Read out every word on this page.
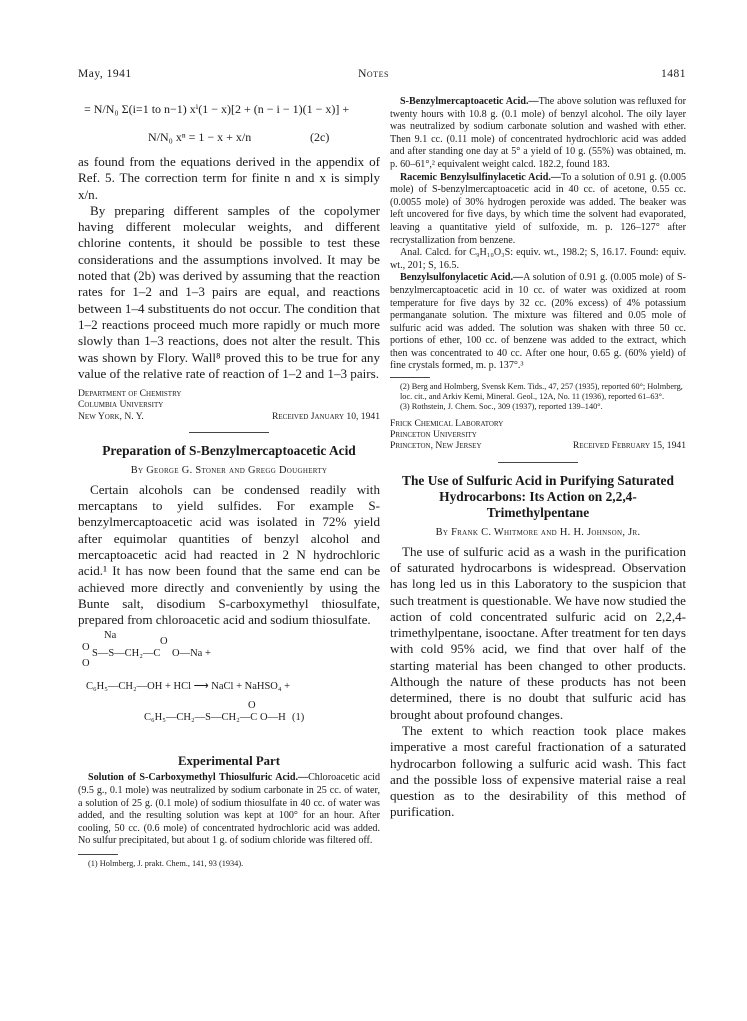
May, 1941	Notes	1481
= N/N₀ Σ(i=1 to n−1) xⁱ(1 − x)[2 + (n − i − 1)(1 − x)] +
N/N₀ xⁿ = 1 − x + x/n	(2c)

as found from the equations derived in the appendix of Ref. 5. The correction term for finite n and x is simply x/n.

By preparing different samples of the copolymer having different molecular weights, and different chlorine contents, it should be possible to test these considerations and the assumptions involved. It may be noted that (2b) was derived by assuming that the reaction rates for 1–2 and 1–3 pairs are equal, and reactions between 1–4 substituents do not occur. The condition that 1–2 reactions proceed much more rapidly or much more slowly than 1–3 reactions, does not alter the result. This was shown by Flory. Wall⁸ proved this to be true for any value of the relative rate of reaction of 1–2 and 1–3 pairs.

Department of Chemistry
Columbia University
New York, N. Y.	Received January 10, 1941
Preparation of S-Benzylmercaptoacetic Acid
By George G. Stoner and Gregg Dougherty

Certain alcohols can be condensed readily with mercaptans to yield sulfides. For example S-benzylmercaptoacetic acid was isolated in 72% yield after equimolar quantities of benzyl alcohol and mercaptoacetic acid had reacted in 2 N hydrochloric acid.¹ It has now been found that the same end can be achieved more directly and conveniently by using the Bunte salt, disodium S-carboxymethyl thiosulfate, prepared from chloroacetic acid and sodium thiosulfate.

Na
O
S—S—CH₂—C
O
O—Na +
O
C₆H₅—CH₂—OH + HCl ⟶ NaCl + NaHSO₄ +
O
C₆H₅—CH₂—S—CH₂—C O—H (1)
Experimental Part

Solution of S-Carboxymethyl Thiosulfuric Acid.—Chloroacetic acid (9.5 g., 0.1 mole) was neutralized by sodium carbonate in 25 cc. of water, a solution of 25 g. (0.1 mole) of sodium thiosulfate in 40 cc. of water was added, and the resulting solution was kept at 100° for an hour. After cooling, 50 cc. (0.6 mole) of concentrated hydrochloric acid was added. No sulfur precipitated, but about 1 g. of sodium chloride was filtered off.

(1) Holmberg, J. prakt. Chem., 141, 93 (1934).

S-Benzylmercaptoacetic Acid.—The above solution was refluxed for twenty hours with 10.8 g. (0.1 mole) of benzyl alcohol. The oily layer was neutralized by sodium carbonate solution and washed with ether. Then 9.1 cc. (0.11 mole) of concentrated hydrochloric acid was added and after standing one day at 5° a yield of 10 g. (55%) was obtained, m. p. 60–61°,² equivalent weight calcd. 182.2, found 183.

Racemic Benzylsulfinylacetic Acid.—To a solution of 0.91 g. (0.005 mole) of S-benzylmercaptoacetic acid in 40 cc. of acetone, 0.55 cc. (0.0055 mole) of 30% hydrogen peroxide was added. The beaker was left uncovered for five days, by which time the solvent had evaporated, leaving a quantitative yield of sulfoxide, m. p. 126–127° after recrystallization from benzene.

Anal. Calcd. for C₉H₁₀O₃S: equiv. wt., 198.2; S, 16.17. Found: equiv. wt., 201; S, 16.5.

Benzylsulfonylacetic Acid.—A solution of 0.91 g. (0.005 mole) of S-benzylmercaptoacetic acid in 10 cc. of water was oxidized at room temperature for five days by 32 cc. (20% excess) of 4% potassium permanganate solution. The mixture was filtered and 0.05 mole of sulfuric acid was added. The solution was shaken with three 50 cc. portions of ether, 100 cc. of benzene was added to the extract, which then was concentrated to 40 cc. After one hour, 0.65 g. (60% yield) of fine crystals formed, m. p. 137°.³

(2) Berg and Holmberg, Svensk Kem. Tids., 47, 257 (1935), reported 60°; Holmberg, loc. cit., and Arkiv Kemi, Mineral. Geol., 12A, No. 11 (1936), reported 61–63°.

(3) Rothstein, J. Chem. Soc., 309 (1937), reported 139–140°.

Frick Chemical Laboratory
Princeton University
Princeton, New Jersey	Received February 15, 1941
The Use of Sulfuric Acid in Purifying Saturated Hydrocarbons: Its Action on 2,2,4-Trimethylpentane
By Frank C. Whitmore and H. H. Johnson, Jr.

The use of sulfuric acid as a wash in the purification of saturated hydrocarbons is widespread. Observation has long led us in this Laboratory to the suspicion that such treatment is questionable. We have now studied the action of cold concentrated sulfuric acid on 2,2,4-trimethylpentane, isooctane. After treatment for ten days with cold 95% acid, we find that over half of the starting material has been changed to other products. Although the nature of these products has not been determined, there is no doubt that sulfuric acid has brought about profound changes.

The extent to which reaction took place makes imperative a most careful fractionation of a saturated hydrocarbon following a sulfuric acid wash. This fact and the possible loss of expensive material raise a real question as to the desirability of this method of purification.
